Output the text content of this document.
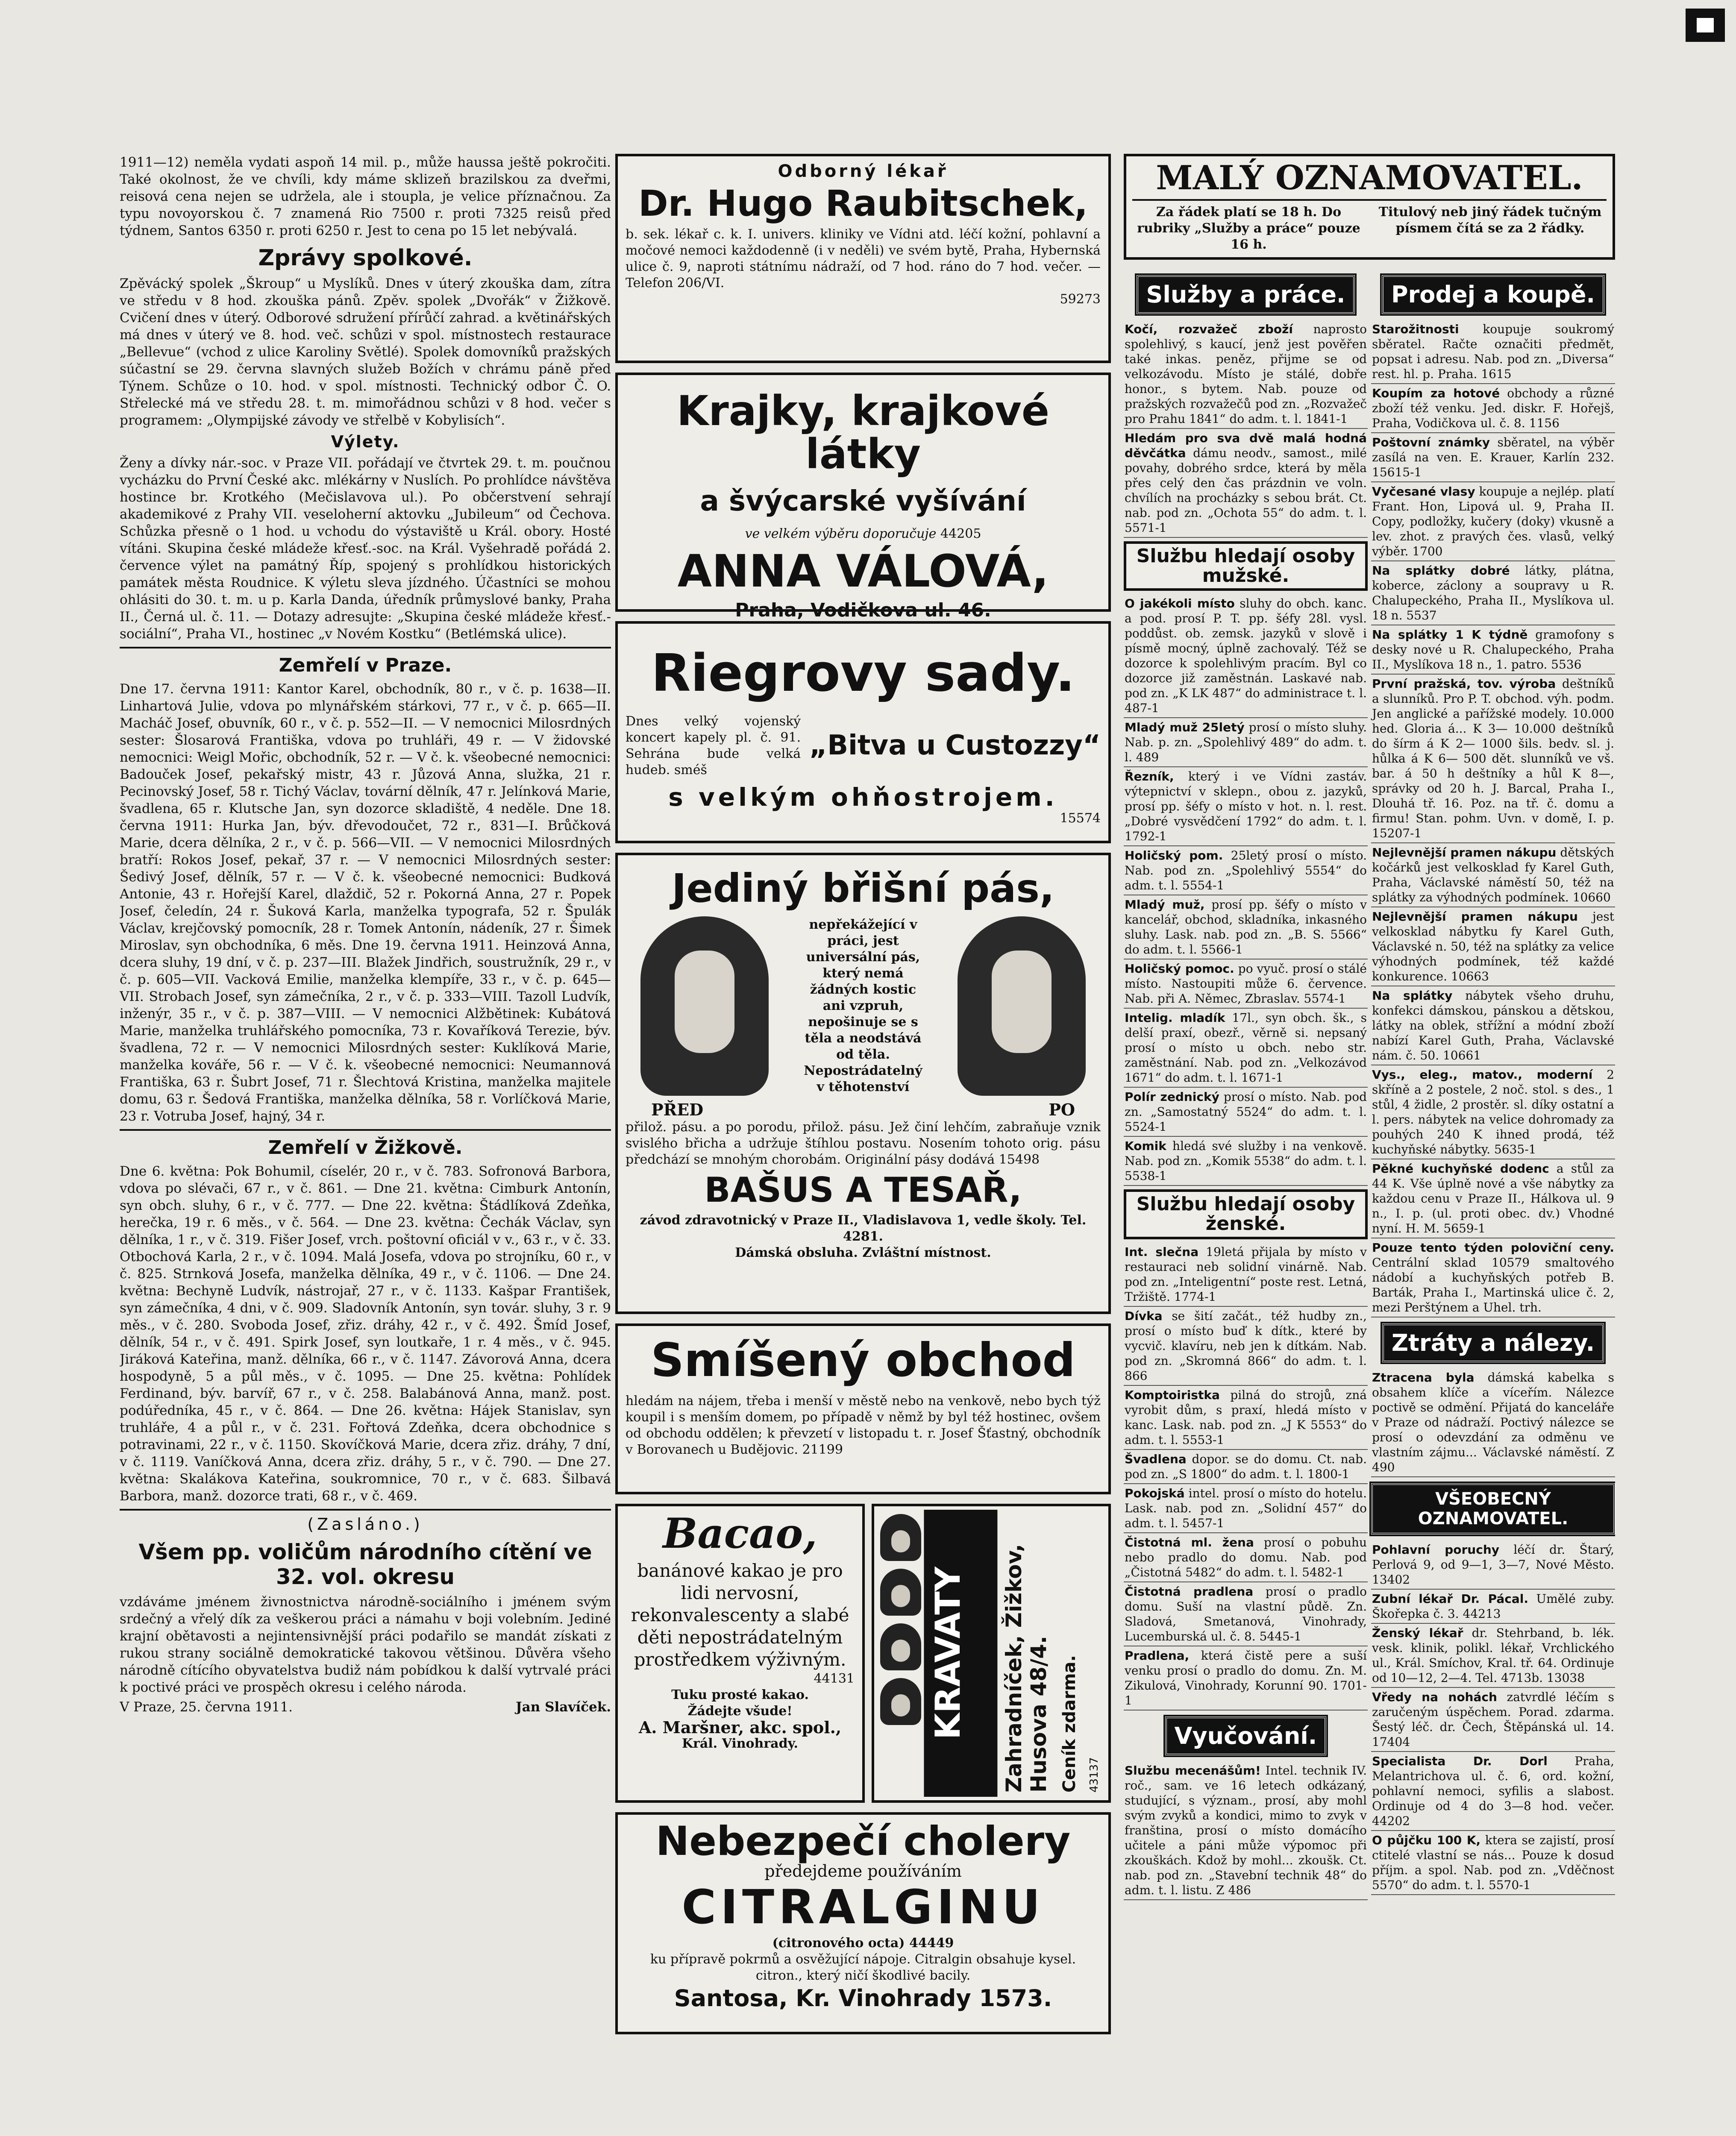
1911—12) neměla vydati aspoň 14 mil. p., může haussa ještě pokročiti. Také okolnost, že ve chvíli, kdy máme sklizeň brazilskou za dveřmi, reisová cena nejen se udržela, ale i stoupla, je velice příznačnou. Za typu novoyorskou č. 7 znamená Rio 7500 r. proti 7325 reisů před týdnem, Santos 6350 r. proti 6250 r. Jest to cena po 15 let nebývalá.

Zprávy spolkové.

Zpěvácký spolek „Škroup“ u Myslíků. Dnes v úterý zkouška dam, zítra ve středu v 8 hod. zkouška pánů. Zpěv. spolek „Dvořák“ v Žižkově. Cvičení dnes v úterý. Odborové sdružení přírůčí zahrad. a květinářských má dnes v úterý ve 8. hod. več. schůzi v spol. místnostech restaurace „Bellevue“ (vchod z ulice Karoliny Světlé). Spolek domovníků pražských súčastní se 29. června slavných služeb Božích v chrámu páně před Týnem. Schůze o 10. hod. v spol. místnosti. Technický odbor Č. O. Střelecké má ve středu 28. t. m. mimořádnou schůzi v 8 hod. večer s programem: „Olympijské závody ve střelbě v Kobylisích“.

Výlety.

Ženy a dívky nár.-soc. v Praze VII. pořádají ve čtvrtek 29. t. m. poučnou vycházku do První České akc. mlékárny v Nuslích. Po prohlídce návštěva hostince br. Krotkého (Mečislavova ul.). Po občerstvení sehrají akademikové z Prahy VII. veseloherní aktovku „Jubileum“ od Čechova. Schůzka přesně o 1 hod. u vchodu do výstaviště u Král. obory. Hosté vítáni. Skupina české mládeže křesť.-soc. na Král. Vyšehradě pořádá 2. července výlet na památný Říp, spojený s prohlídkou historických památek města Roudnice. K výletu sleva jízdného. Účastníci se mohou ohlásiti do 30. t. m. u p. Karla Danda, úředník průmyslové banky, Praha II., Černá ul. č. 11. — Dotazy adresujte: „Skupina české mládeže křesť.-sociální“, Praha VI., hostinec „v Novém Kostku“ (Betlémská ulice).

Zemřelí v Praze.

Dne 17. června 1911: Kantor Karel, obchodník, 80 r., v č. p. 1638—II. Linhartová Julie, vdova po mlynářském stárkovi, 77 r., v č. p. 665—II. Macháč Josef, obuvník, 60 r., v č. p. 552—II. — V nemocnici Milosrdných sester: Šlosarová Františka, vdova po truhláři, 49 r. — V židovské nemocnici: Weigl Mořic, obchodník, 52 r. — V č. k. všeobecné nemocnici: Badouček Josef, pekařský mistr, 43 r. Jůzová Anna, služka, 21 r. Pecinovský Josef, 58 r. Tichý Václav, tovární dělník, 47 r. Jelínková Marie, švadlena, 65 r. Klutsche Jan, syn dozorce skladiště, 4 neděle. Dne 18. června 1911: Hurka Jan, býv. dřevodoučet, 72 r., 831—I. Brůčková Marie, dcera dělníka, 2 r., v č. p. 566—VII. — V nemocnici Milosrdných bratří: Rokos Josef, pekař, 37 r. — V nemocnici Milosrdných sester: Šedivý Josef, dělník, 57 r. — V č. k. všeobecné nemocnici: Budková Antonie, 43 r. Hořejší Karel, dlaždič, 52 r. Pokorná Anna, 27 r. Popek Josef, čeledín, 24 r. Šuková Karla, manželka typografa, 52 r. Špulák Václav, krejčovský pomocník, 28 r. Tomek Antonín, nádeník, 27 r. Šimek Miroslav, syn obchodníka, 6 měs. Dne 19. června 1911. Heinzová Anna, dcera sluhy, 19 dní, v č. p. 237—III. Blažek Jindřich, soustružník, 29 r., v č. p. 605—VII. Vacková Emilie, manželka klempíře, 33 r., v č. p. 645—VII. Strobach Josef, syn zámečníka, 2 r., v č. p. 333—VIII. Tazoll Ludvík, inženýr, 35 r., v č. p. 387—VIII. — V nemocnici Alžbětinek: Kubátová Marie, manželka truhlářského pomocníka, 73 r. Kovaříková Terezie, býv. švadlena, 72 r. — V nemocnici Milosrdných sester: Kuklíková Marie, manželka kováře, 56 r. — V č. k. všeobecné nemocnici: Neumannová Františka, 63 r. Šubrt Josef, 71 r. Šlechtová Kristina, manželka majitele domu, 63 r. Šedová Františka, manželka dělníka, 58 r. Vorlíčková Marie, 23 r. Votruba Josef, hajný, 34 r.

Zemřelí v Žižkově.

Dne 6. května: Pok Bohumil, císelér, 20 r., v č. 783. Sofronová Barbora, vdova po slévači, 67 r., v č. 861. — Dne 21. května: Cimburk Antonín, syn obch. sluhy, 6 r., v č. 777. — Dne 22. května: Štádlíková Zdeňka, herečka, 19 r. 6 měs., v č. 564. — Dne 23. května: Čechák Václav, syn dělníka, 1 r., v č. 319. Fišer Josef, vrch. poštovní oficiál v v., 63 r., v č. 33. Otbochová Karla, 2 r., v č. 1094. Malá Josefa, vdova po strojníku, 60 r., v č. 825. Strnková Josefa, manželka dělníka, 49 r., v č. 1106. — Dne 24. května: Bechyně Ludvík, nástrojař, 27 r., v č. 1133. Kašpar František, syn zámečníka, 4 dni, v č. 909. Sladovník Antonín, syn továr. sluhy, 3 r. 9 měs., v č. 280. Svoboda Josef, zřiz. dráhy, 42 r., v č. 492. Šmíd Josef, dělník, 54 r., v č. 491. Spirk Josef, syn loutkaře, 1 r. 4 měs., v č. 945. Jiráková Kateřina, manž. dělníka, 66 r., v č. 1147. Závorová Anna, dcera hospodyně, 5 a půl měs., v č. 1095. — Dne 25. května: Pohlídek Ferdinand, býv. barvíř, 67 r., v č. 258. Balabánová Anna, manž. post. podúředníka, 45 r., v č. 864. — Dne 26. května: Hájek Stanislav, syn truhláře, 4 a půl r., v č. 231. Fořtová Zdeňka, dcera obchodnice s potravinami, 22 r., v č. 1150. Skovíčková Marie, dcera zřiz. dráhy, 7 dní, v č. 1119. Vaníčková Anna, dcera zřiz. dráhy, 5 r., v č. 790. — Dne 27. května: Skalákova Kateřina, soukromnice, 70 r., v č. 683. Šilbavá Barbora, manž. dozorce trati, 68 r., v č. 469.

(Zasláno.)
Všem pp. voličům národního cítění ve 32. vol. okresu

vzdáváme jménem živnostnictva národně-sociálního i jménem svým srdečný a vřelý dík za veškerou práci a námahu v boji volebním. Jediné krajní obětavosti a nejintensivnější práci podařilo se mandát získati z rukou strany sociálně demokratické takovou většinou. Důvěra všeho národně cítícího obyvatelstva budiž nám pobídkou k další vytrvalé práci k poctivé práci ve prospěch okresu i celého národa.

V Praze, 25. června 1911.	Jan Slavíček.

Odborný lékař
Dr. Hugo Raubitschek,
b. sek. lékař c. k. I. univers. kliniky ve Vídni atd. léčí kožní, pohlavní a močové nemoci každodenně (i v neděli) ve svém bytě, Praha, Hybernská ulice č. 9, naproti státnímu nádraží, od 7 hod. ráno do 7 hod. večer. — Telefon 206/VI.
59273
Krajky, krajkové látky
a švýcarské vyšívání
ve velkém výběru doporučuje 44205
ANNA VÁLOVÁ,
Praha, Vodičkova ul. 46.
Riegrovy sady.
Dnes velký vojenský koncert kapely pl. č. 91. Sehrána bude velká hudeb. sméš
„Bitva u Custozzy“
s velkým ohňostrojem.
15574
Jediný břišní pás,
nepřekážející v práci, jest universální pás, který nemá žádných kostic ani vzpruh, nepošinuje se s těla a neodstává od těla. Nepostrádatelný v těhotenství
PŘED	PO
přilož. pásu. a po porodu, přilož. pásu. Jež činí lehčím, zabraňuje vznik svislého břicha a udržuje štíhlou postavu. Nosením tohoto orig. pásu předchází se mnohým chorobám. Originální pásy dodává 15498
BAŠUS A TESAŘ,
závod zdravotnický v Praze II., Vladislavova 1, vedle školy. Tel. 4281.
Dámská obsluha. Zvláštní místnost.
Smíšený obchod
hledám na nájem, třeba i menší v městě nebo na venkově, nebo bych týž koupil i s menším domem, po případě v němž by byl též hostinec, ovšem od obchodu oddělen; k převzetí v listopadu t. r. Josef Šťastný, obchodník v Borovanech u Budějovic. 21199
Bacao,
banánové kakao je pro lidi nervosní, rekonvalescenty a slabé děti nepostrádatelným prostředkem výživným.
44131
Tuku prosté kakao.
Žádejte všude!
A. Maršner, akc. spol.,
Král. Vinohrady.
KRAVATY	Zahradníček, Žižkov, Husova 48/4. Ceník zdarma. 43137
Nebezpečí cholery
předejdeme používáním
CITRALGINU
(citronového octa) 44449
ku přípravě pokrmů a osvěžující nápoje. Citralgin obsahuje kysel. citron., který ničí škodlivé bacily.
Santosa, Kr. Vinohrady 1573.
MALÝ OZNAMOVATEL.
Za řádek platí se 18 h. Do rubriky „Služby a práce“ pouze 16 h.
Titulový neb jiný řádek tučným písmem čítá se za 2 řádky.
Služby a práce.

Kočí, rozvažeč zboží naprosto spolehlivý, s kaucí, jenž jest pověřen také inkas. peněz, přijme se od velkozávodu. Místo je stálé, dobře honor., s bytem. Nab. pouze od pražských rozvažečů pod zn. „Rozvažeč pro Prahu 1841“ do adm. t. l. 1841-1

Hledám pro sva dvě malá hodná děvčátka dámu neodv., samost., milé povahy, dobrého srdce, která by měla přes celý den čas prázdnin ve voln. chvílích na procházky s sebou brát. Ct. nab. pod zn. „Ochota 55“ do adm. t. l. 5571-1

Službu hledají osoby mužské.

O jakékoli místo sluhy do obch. kanc. a pod. prosí P. T. pp. šéfy 28l. vysl. poddůst. ob. zemsk. jazyků v slově i písmě mocný, úplně zachovalý. Též se dozorce k spolehlivým pracím. Byl co dozorce již zaměstnán. Laskavé nab. pod zn. „K LK 487“ do administrace t. l. 487-1

Mladý muž 25letý prosí o místo sluhy. Nab. p. zn. „Spolehlivý 489“ do adm. t. l. 489

Řezník, který i ve Vídni zastáv. výtepnictví v sklepn., obou z. jazyků, prosí pp. šéfy o místo v hot. n. l. rest. „Dobré vysvědčení 1792“ do adm. t. l. 1792-1

Holičský pom. 25letý prosí o místo. Nab. pod zn. „Spolehlivý 5554“ do adm. t. l. 5554-1

Mladý muž, prosí pp. šéfy o místo v kancelář, obchod, skladníka, inkasného sluhy. Lask. nab. pod zn. „B. S. 5566“ do adm. t. l. 5566-1

Holičský pomoc. po vyuč. prosí o stálé místo. Nastoupiti může 6. července. Nab. při A. Němec, Zbraslav. 5574-1

Intelig. mladík 17l., syn obch. šk., s delší praxí, obezř., věrně si. nepsaný prosí o místo u obch. nebo str. zaměstnání. Nab. pod zn. „Velkozávod 1671“ do adm. t. l. 1671-1

Polír zednický prosí o místo. Nab. pod zn. „Samostatný 5524“ do adm. t. l. 5524-1

Komik hledá své služby i na venkově. Nab. pod zn. „Komik 5538“ do adm. t. l. 5538-1

Službu hledají osoby ženské.

Int. slečna 19letá přijala by místo v restauraci neb solidní vinárně. Nab. pod zn. „Inteligentní“ poste rest. Letná, Tržiště. 1774-1

Dívka se šití začát., též hudby zn., prosí o místo buď k dítk., které by vycvič. klavíru, neb jen k dítkám. Nab. pod zn. „Skromná 866“ do adm. t. l. 866

Komptoiristka pilná do strojů, zná vyrobit dům, s praxí, hledá místo v kanc. Lask. nab. pod zn. „J K 5553“ do adm. t. l. 5553-1

Švadlena dopor. se do domu. Ct. nab. pod zn. „S 1800“ do adm. t. l. 1800-1

Pokojská intel. prosí o místo do hotelu. Lask. nab. pod zn. „Solidní 457“ do adm. t. l. 5457-1

Čistotná ml. žena prosí o pobuhu nebo pradlo do domu. Nab. pod „Čistotná 5482“ do adm. t. l. 5482-1

Čistotná pradlena prosí o pradlo domu. Suší na vlastní půdě. Zn. Sladová, Smetanová, Vinohrady, Lucemburská ul. č. 8. 5445-1

Pradlena, která čistě pere a suší venku prosí o pradlo do domu. Zn. M. Zikulová, Vinohrady, Korunní 90. 1701-1

Vyučování.

Službu mecenášům! Intel. technik IV. roč., sam. ve 16 letech odkázaný, studující, s význam., prosí, aby mohl svým zvyků a kondici, mimo to zvyk v franština, prosí o místo domácího učitele a páni může výpomoc při zkouškách. Kdož by mohl... zkoušk. Ct. nab. pod zn. „Stavební technik 48“ do adm. t. l. listu. Z 486

Prodej a koupě.

Starožitnosti koupuje soukromý sběratel. Račte označiti předmět, popsat i adresu. Nab. pod zn. „Diversa“ rest. hl. p. Praha. 1615

Koupím za hotové obchody a různé zboží též venku. Jed. diskr. F. Hořejš, Praha, Vodičkova ul. č. 8. 1156

Poštovní známky sběratel, na výběr zasílá na ven. E. Krauer, Karlín 232. 15615-1

Vyčesané vlasy koupuje a nejlép. platí Frant. Hon, Lipová ul. 9, Praha II. Copy, podložky, kučery (doky) vkusně a lev. zhot. z pravých čes. vlasů, velký výběr. 1700

Na splátky dobré látky, plátna, koberce, záclony a soupravy u R. Chalupeckého, Praha II., Myslíkova ul. 18 n. 5537

Na splátky 1 K týdně gramofony s desky nové u R. Chalupeckého, Praha II., Myslíkova 18 n., 1. patro. 5536

První pražská, tov. výroba deštníků a slunníků. Pro P. T. obchod. výh. podm. Jen anglické a pařížské modely. 10.000 hed. Gloria á... K 3— 10.000 deštníků do šírm á K 2— 1000 šils. bedv. sl. j. hůlka á K 6— 500 dět. slunníků ve vš. bar. á 50 h deštníky a hůl K 8—, správky od 20 h. J. Barcal, Praha I., Dlouhá tř. 16. Poz. na tř. č. domu a firmu! Stan. pohm. Uvn. v domě, I. p. 15207-1

Nejlevnější pramen nákupu dětských kočárků jest velkosklad fy Karel Guth, Praha, Václavské náměstí 50, též na splátky za výhodných podmínek. 10660

Nejlevnější pramen nákupu jest velkosklad nábytku fy Karel Guth, Václavské n. 50, též na splátky za velice výhodných podmínek, též každé konkurence. 10663

Na splátky nábytek všeho druhu, konfekci dámskou, pánskou a dětskou, látky na oblek, střížní a módní zboží nabízí Karel Guth, Praha, Václavské nám. č. 50. 10661

Vys., eleg., matov., moderní 2 skříně a 2 postele, 2 noč. stol. s des., 1 stůl, 4 židle, 2 prostěr. sl. díky ostatní a l. pers. nábytek na velice dohromady za pouhých 240 K ihned prodá, též kuchyňské nábytky. 5635-1

Pěkné kuchyňské dodenc a stůl za 44 K. Vše úplně nové a vše nábytky za každou cenu v Praze II., Hálkova ul. 9 n., I. p. (ul. proti obec. dv.) Vhodné nyní. H. M. 5659-1

Pouze tento týden poloviční ceny. Centrální sklad 10579 smaltového nádobí a kuchyňských potřeb B. Barták, Praha I., Martinská ulice č. 2, mezi Perštýnem a Uhel. trh.

Ztráty a nálezy.

Ztracena byla dámská kabelka s obsahem klíče a víceřím. Nálezce poctivě se odmění. Přijatá do kanceláře v Praze od nádraží. Poctivý nálezce se prosí o odevzdání za odměnu ve vlastním zájmu... Václavské náměstí. Z 490

VŠEOBECNÝ OZNAMOVATEL.

Pohlavní poruchy léčí dr. Štarý, Perlová 9, od 9—1, 3—7, Nové Město. 13402

Zubní lékař Dr. Pácal. Umělé zuby. Škořepka č. 3. 44213

Ženský lékař dr. Stehrband, b. lék. vesk. klinik, polikl. lékař, Vrchlického ul., Král. Smíchov, Kral. tř. 64. Ordinuje od 10—12, 2—4. Tel. 4713b. 13038

Vředy na nohách zatvrdlé léčím s zaručeným úspěchem. Porad. zdarma. Šestý léč. dr. Čech, Štěpánská ul. 14. 17404

Specialista Dr. Dorl Praha, Melantrichova ul. č. 6, ord. kožní, pohlavní nemoci, syfilis a slabost. Ordinuje od 4 do 3—8 hod. večer. 44202

O půjčku 100 K, ktera se zajistí, prosí ctitelé vlastní se nás... Pouze k dosud příjm. a spol. Nab. pod zn. „Vděčnost 5570“ do adm. t. l. 5570-1
